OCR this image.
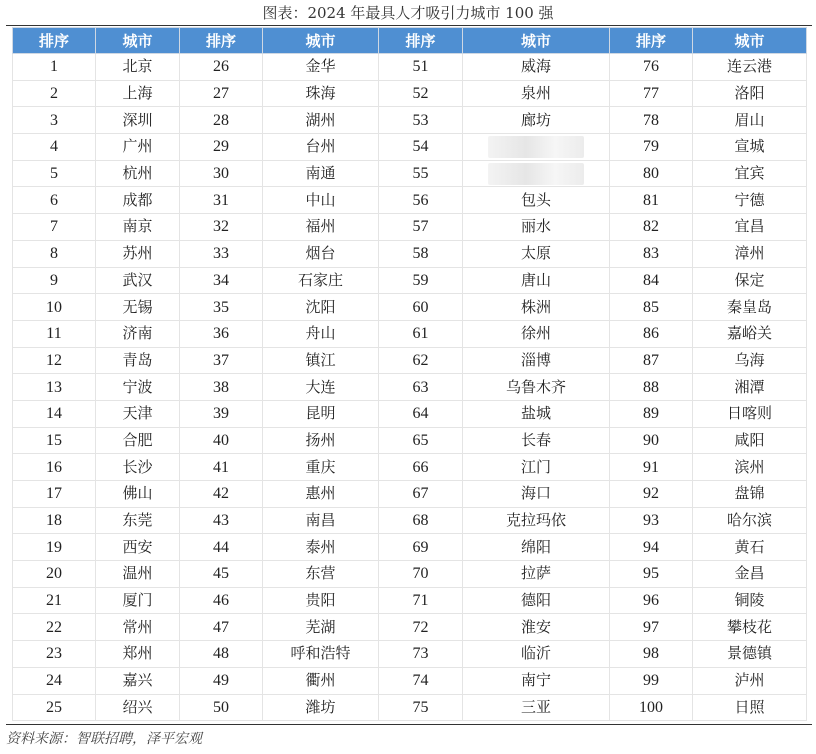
图表：2024 年最具人才吸引力城市 100 强
排序	城市	排序	城市	排序	城市	排序	城市
1	北京	26	金华	51	威海	76	连云港
2	上海	27	珠海	52	泉州	77	洛阳
3	深圳	28	湖州	53	廊坊	78	眉山
4	广州	29	台州	54		79	宣城
5	杭州	30	南通	55		80	宜宾
6	成都	31	中山	56	包头	81	宁德
7	南京	32	福州	57	丽水	82	宜昌
8	苏州	33	烟台	58	太原	83	漳州
9	武汉	34	石家庄	59	唐山	84	保定
10	无锡	35	沈阳	60	株洲	85	秦皇岛
11	济南	36	舟山	61	徐州	86	嘉峪关
12	青岛	37	镇江	62	淄博	87	乌海
13	宁波	38	大连	63	乌鲁木齐	88	湘潭
14	天津	39	昆明	64	盐城	89	日喀则
15	合肥	40	扬州	65	长春	90	咸阳
16	长沙	41	重庆	66	江门	91	滨州
17	佛山	42	惠州	67	海口	92	盘锦
18	东莞	43	南昌	68	克拉玛依	93	哈尔滨
19	西安	44	泰州	69	绵阳	94	黄石
20	温州	45	东营	70	拉萨	95	金昌
21	厦门	46	贵阳	71	德阳	96	铜陵
22	常州	47	芜湖	72	淮安	97	攀枝花
23	郑州	48	呼和浩特	73	临沂	98	景德镇
24	嘉兴	49	衢州	74	南宁	99	泸州
25	绍兴	50	潍坊	75	三亚	100	日照
资料来源：智联招聘，泽平宏观
